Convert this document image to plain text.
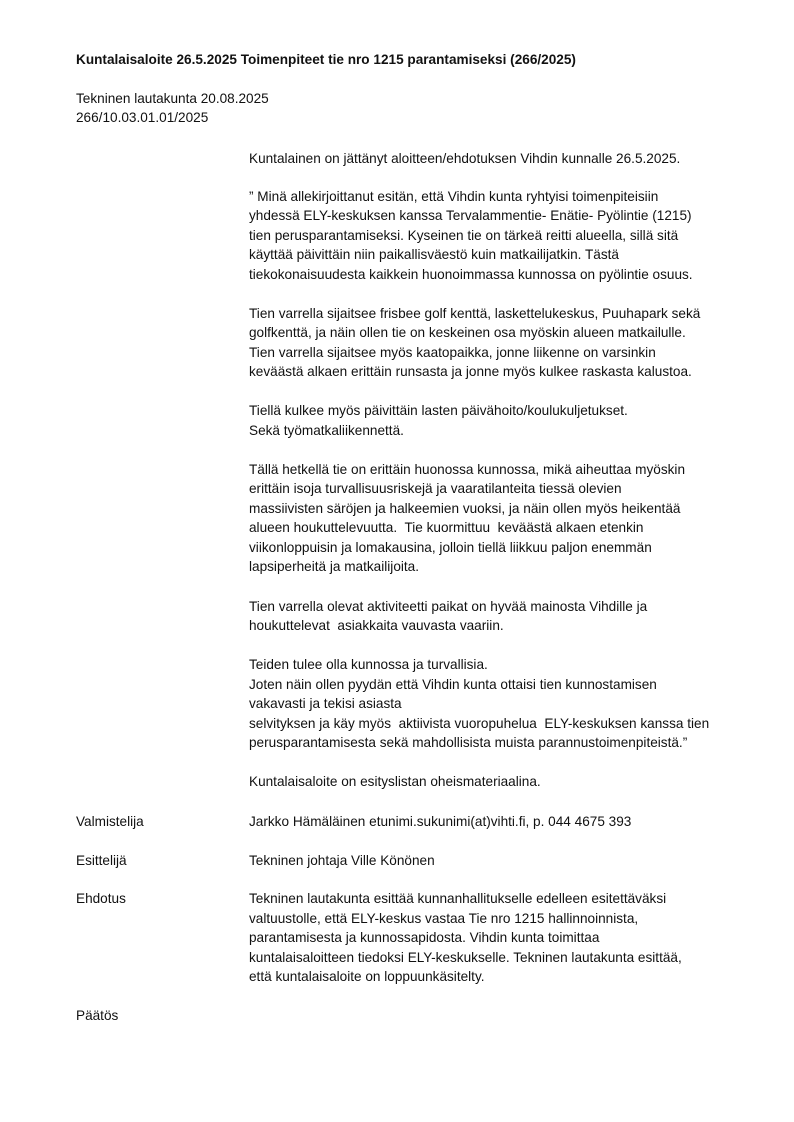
Kuntalaisaloite 26.5.2025 Toimenpiteet tie nro 1215 parantamiseksi (266/2025)
Tekninen lautakunta 20.08.2025
266/10.03.01.01/2025
Kuntalainen on jättänyt aloitteen/ehdotuksen Vihdin kunnalle 26.5.2025.
” Minä allekirjoittanut esitän, että Vihdin kunta ryhtyisi toimenpiteisiin
yhdessä ELY-keskuksen kanssa Tervalammentie- Enätie- Pyölintie (1215)
tien perusparantamiseksi. Kyseinen tie on tärkeä reitti alueella, sillä sitä
käyttää päivittäin niin paikallisväestö kuin matkailijatkin. Tästä
tiekokonaisuudesta kaikkein huonoimmassa kunnossa on pyölintie osuus.
Tien varrella sijaitsee frisbee golf kenttä, laskettelukeskus, Puuhapark sekä
golfkenttä, ja näin ollen tie on keskeinen osa myöskin alueen matkailulle.
Tien varrella sijaitsee myös kaatopaikka, jonne liikenne on varsinkin
keväästä alkaen erittäin runsasta ja jonne myös kulkee raskasta kalustoa.
Tiellä kulkee myös päivittäin lasten päivähoito/koulukuljetukset.
Sekä työmatkaliikennettä.
Tällä hetkellä tie on erittäin huonossa kunnossa, mikä aiheuttaa myöskin
erittäin isoja turvallisuusriskejä ja vaaratilanteita tiessä olevien
massiivisten säröjen ja halkeemien vuoksi, ja näin ollen myös heikentää
alueen houkuttelevuutta.  Tie kuormittuu  keväästä alkaen etenkin
viikonloppuisin ja lomakausina, jolloin tiellä liikkuu paljon enemmän
lapsiperheitä ja matkailijoita.
Tien varrella olevat aktiviteetti paikat on hyvää mainosta Vihdille ja
houkuttelevat  asiakkaita vauvasta vaariin.
Teiden tulee olla kunnossa ja turvallisia.
Joten näin ollen pyydän että Vihdin kunta ottaisi tien kunnostamisen
vakavasti ja tekisi asiasta
selvityksen ja käy myös  aktiivista vuoropuhelua  ELY-keskuksen kanssa tien
perusparantamisesta sekä mahdollisista muista parannustoimenpiteistä.”
Kuntalaisaloite on esityslistan oheismateriaalina.
Valmistelija	Jarkko Hämäläinen etunimi.sukunimi(at)vihti.fi, p. 044 4675 393
Esittelijä	Tekninen johtaja Ville Könönen
Ehdotus	Tekninen lautakunta esittää kunnanhallitukselle edelleen esitettäväksi
valtuustolle, että ELY-keskus vastaa Tie nro 1215 hallinnoinnista,
parantamisesta ja kunnossapidosta. Vihdin kunta toimittaa
kuntalaisaloitteen tiedoksi ELY-keskukselle. Tekninen lautakunta esittää,
että kuntalaisaloite on loppuunkäsitelty.
Päätös
